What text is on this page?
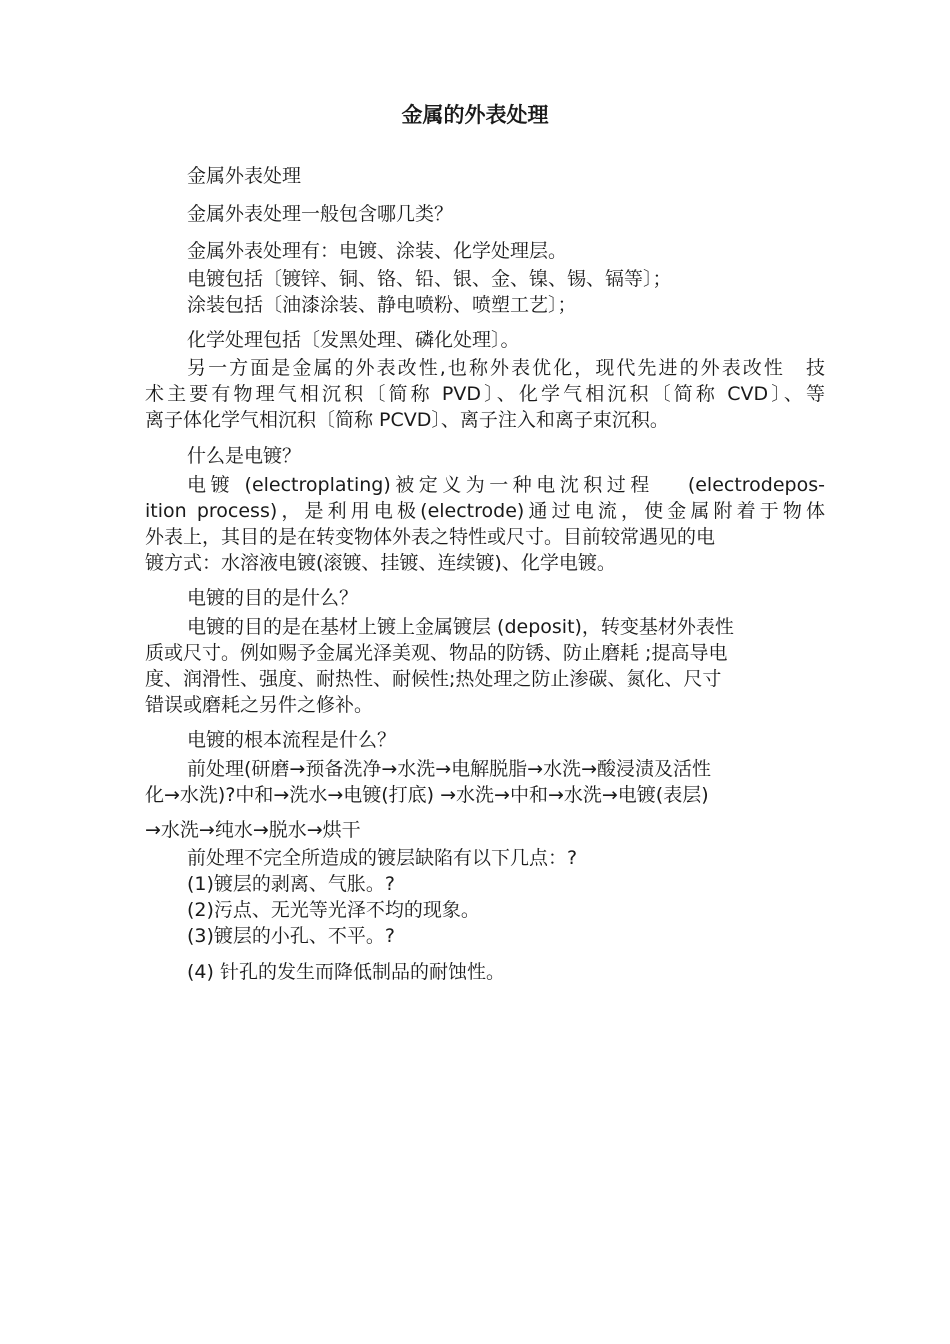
金属的外表处理
金属外表处理
金属外表处理一般包含哪几类？
金属外表处理有：电镀、涂装、化学处理层。
电镀包括〔镀锌、铜、铬、铅、银、金、镍、锡、镉等〕；
涂装包括〔油漆涂装、静电喷粉、喷塑工艺〕；
化学处理包括〔发黑处理、磷化处理〕。
另一方面是金属的外表改性,也称外表优化，现代先进的外表改性　技
术主要有物理气相沉积〔简称 PVD〕、化学气相沉积〔简称 CVD〕、等
离子体化学气相沉积〔简称 PCVD〕、离子注入和离子束沉积。
什么是电镀？
电镀 (electroplating)被定义为一种电沈积过程　 (electrodepos-
ition process)，是利用电极(electrode)通过电流，使金属附着于物体
外表上，其目的是在转变物体外表之特性或尺寸。目前较常遇见的电
镀方式：水溶液电镀(滚镀、挂镀、连续镀)、化学电镀。
电镀的目的是什么？
电镀的目的是在基材上镀上金属镀层 (deposit)，转变基材外表性
质或尺寸。例如赐予金属光泽美观、物品的防锈、防止磨耗 ;提高导电
度、润滑性、强度、耐热性、耐候性;热处理之防止渗碳、氮化、尺寸
错误或磨耗之另件之修补。
电镀的根本流程是什么？
前处理(研磨→预备洗净→水洗→电解脱脂→水洗→酸浸渍及活性
化→水洗)?中和→洗水→电镀(打底) →水洗→中和→水洗→电镀(表层)
→水洗→纯水→脱水→烘干
前处理不完全所造成的镀层缺陷有以下几点：?
(1)镀层的剥离、气胀。?
(2)污点、无光等光泽不均的现象。
(3)镀层的小孔、不平。?
(4) 针孔的发生而降低制品的耐蚀性。
